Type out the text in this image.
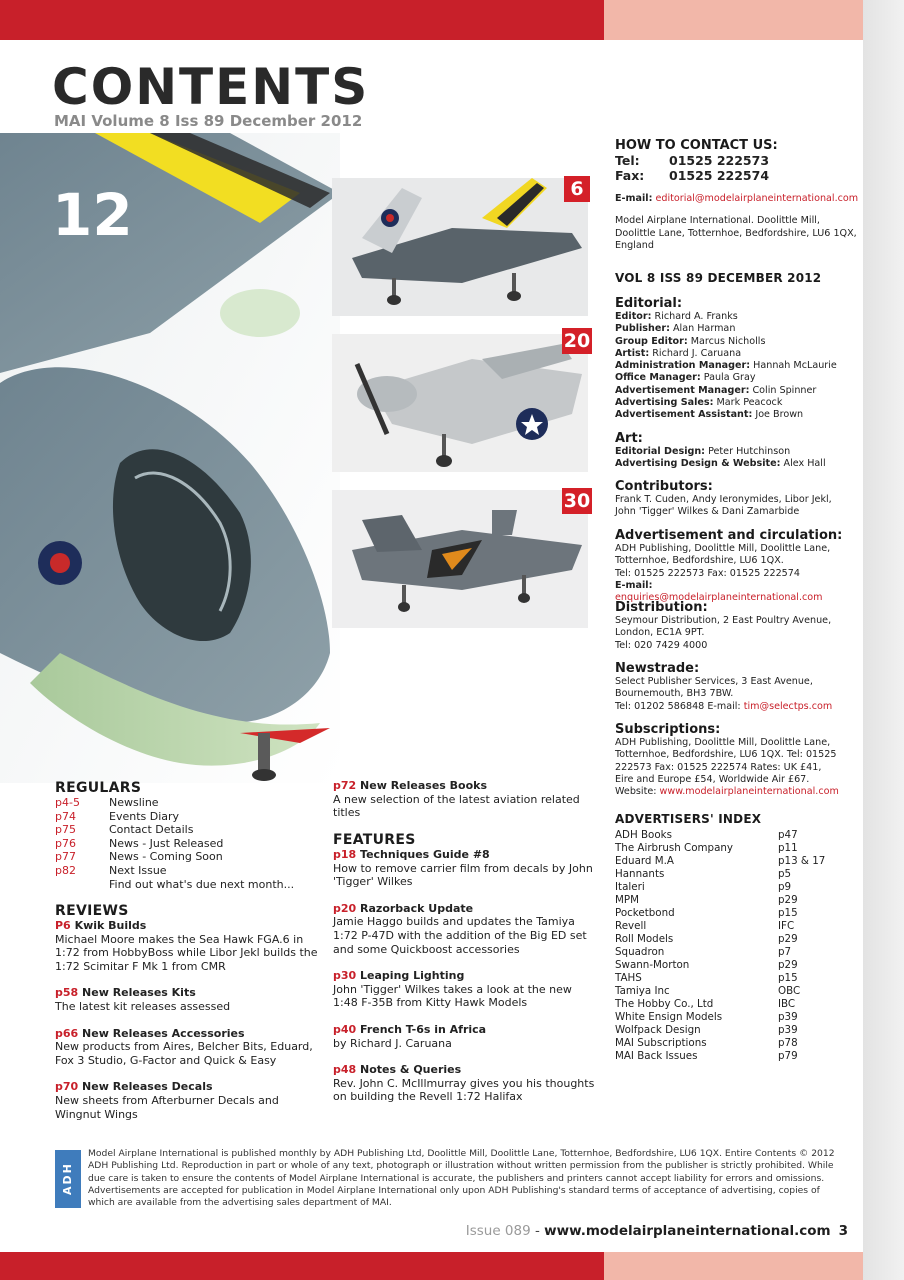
CONTENTS
MAI Volume 8 Iss 89 December 2012
12	6
20
30
HOW TO CONTACT US:
Tel: 01525 222573
Fax: 01525 222574
E-mail: editorial@modelairplaneinternational.com
Model Airplane International. Doolittle Mill, Doolittle Lane, Totternhoe, Bedfordshire, LU6 1QX, England
VOL 8 ISS 89 DECEMBER 2012
Editorial:
Editor: Richard A. Franks
Publisher: Alan Harman
Group Editor: Marcus Nicholls
Artist: Richard J. Caruana
Administration Manager: Hannah McLaurie
Office Manager: Paula Gray
Advertisement Manager: Colin Spinner
Advertising Sales: Mark Peacock
Advertisement Assistant: Joe Brown
Art:
Editorial Design: Peter Hutchinson
Advertising Design & Website: Alex Hall
Contributors:
Frank T. Cuden, Andy Ieronymides, Libor Jekl,
John 'Tigger' Wilkes & Dani Zamarbide
Advertisement and circulation:
ADH Publishing, Doolittle Mill, Doolittle Lane,
Totternhoe, Bedfordshire, LU6 1QX.
Tel: 01525 222573 Fax: 01525 222574
E-mail: enquiries@modelairplaneinternational.com
Distribution:
Seymour Distribution, 2 East Poultry Avenue,
London, EC1A 9PT.
Tel: 020 7429 4000
Newstrade:
Select Publisher Services, 3 East Avenue,
Bournemouth, BH3 7BW.
Tel: 01202 586848 E-mail: tim@selectps.com
Subscriptions:
ADH Publishing, Doolittle Mill, Doolittle Lane,
Totternhoe, Bedfordshire, LU6 1QX. Tel: 01525
222573 Fax: 01525 222574 Rates: UK £41,
Eire and Europe £54, Worldwide Air £67.
Website: www.modelairplaneinternational.com
ADVERTISERS' INDEX
ADH Books	p47
The Airbrush Company	p11
Eduard M.A	p13 & 17
Hannants	p5
Italeri	p9
MPM	p29
Pocketbond	p15
Revell	IFC
Roll Models	p29
Squadron	p7
Swann-Morton	p29
TAHS	p15
Tamiya Inc	OBC
The Hobby Co., Ltd	IBC
White Ensign Models	p39
Wolfpack Design	p39
MAI Subscriptions	p78
MAI Back Issues	p79
REGULARS
p4-5	Newsline
p74	Events Diary
p75	Contact Details
p76	News - Just Released
p77	News - Coming Soon
p82	Next Issue
Find out what's due next month...
REVIEWS
P6 Kwik Builds
Michael Moore makes the Sea Hawk FGA.6 in 1:72 from HobbyBoss while Libor Jekl builds the 1:72 Scimitar F Mk 1 from CMR
p58 New Releases Kits
The latest kit releases assessed
p66 New Releases Accessories
New products from Aires, Belcher Bits, Eduard, Fox 3 Studio, G-Factor and Quick & Easy
p70 New Releases Decals
New sheets from Afterburner Decals and Wingnut Wings
p72 New Releases Books
A new selection of the latest aviation related titles
FEATURES
p18 Techniques Guide #8
How to remove carrier film from decals by John 'Tigger' Wilkes
p20 Razorback Update
Jamie Haggo builds and updates the Tamiya 1:72 P-47D with the addition of the Big ED set and some Quickboost accessories
p30 Leaping Lighting
John 'Tigger' Wilkes takes a look at the new 1:48 F-35B from Kitty Hawk Models
p40 French T-6s in Africa
by Richard J. Caruana
p48 Notes & Queries
Rev. John C. McIllmurray gives you his thoughts on building the Revell 1:72 Halifax
ADH
Model Airplane International is published monthly by ADH Publishing Ltd, Doolittle Mill, Doolittle Lane, Totternhoe, Bedfordshire, LU6 1QX. Entire Contents © 2012 ADH Publishing Ltd. Reproduction in part or whole of any text, photograph or illustration without written permission from the publisher is strictly prohibited. While due care is taken to ensure the contents of Model Airplane International is accurate, the publishers and printers cannot accept liability for errors and omissions. Advertisements are accepted for publication in Model Airplane International only upon ADH Publishing's standard terms of acceptance of advertising, copies of which are available from the advertising sales department of MAI.
Issue 089 - www.modelairplaneinternational.com 3
